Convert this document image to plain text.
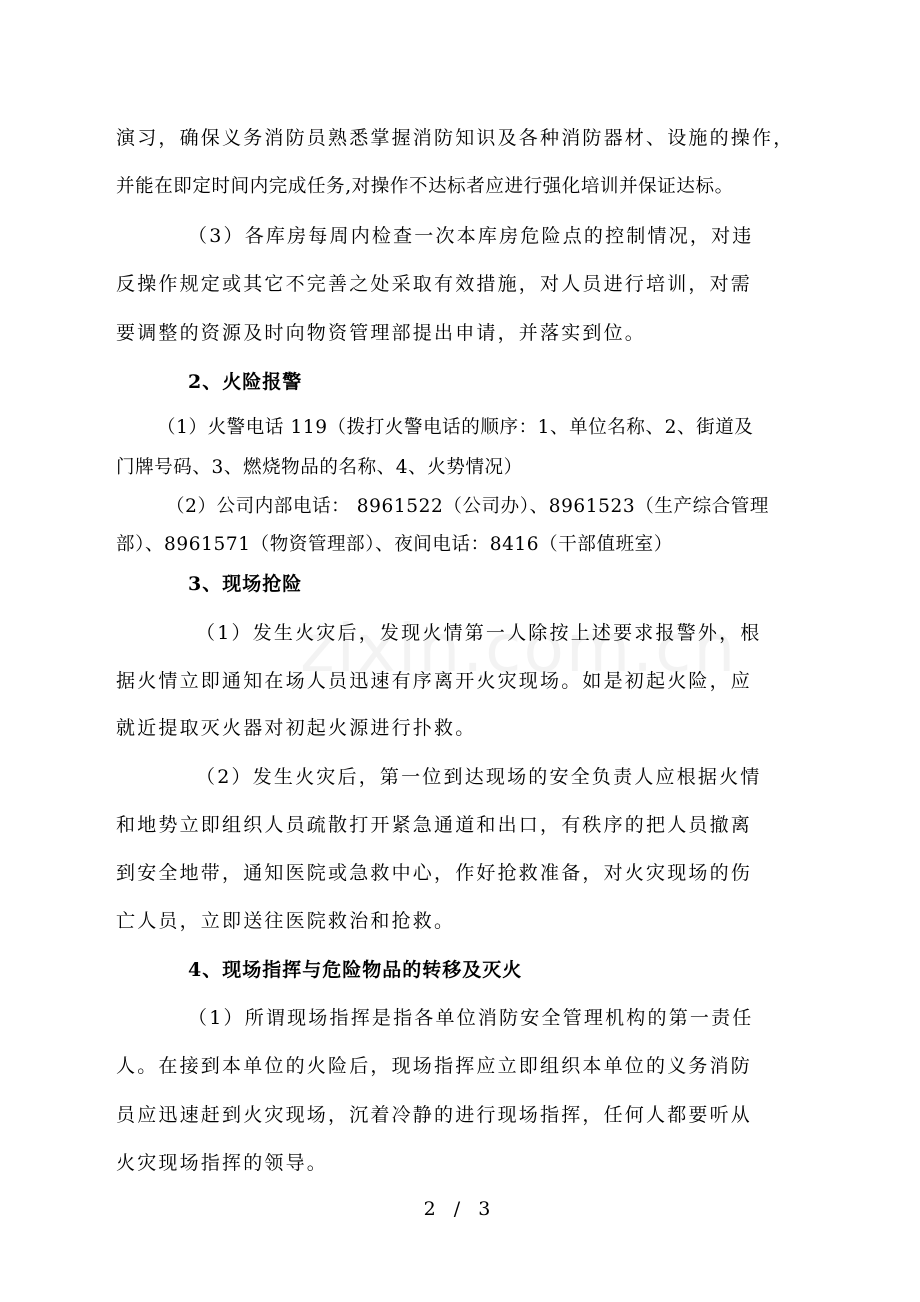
演习，确保义务消防员熟悉掌握消防知识及各种消防器材、设施的操作，
并能在即定时间内完成任务,对操作不达标者应进行强化培训并保证达标。
（3）各库房每周内检查一次本库房危险点的控制情况，对违
反操作规定或其它不完善之处采取有效措施，对人员进行培训，对需
要调整的资源及时向物资管理部提出申请，并落实到位。
2、火险报警
（1）火警电话 119（拨打火警电话的顺序：1、单位名称、2、街道及
门牌号码、3、燃烧物品的名称、4、火势情况）
（2）公司内部电话： 8961522（公司办）、8961523（生产综合管理
部）、8961571（物资管理部）、夜间电话：8416（干部值班室）
3、现场抢险
（1）发生火灾后，发现火情第一人除按上述要求报警外，根
据火情立即通知在场人员迅速有序离开火灾现场。如是初起火险，应
就近提取灭火器对初起火源进行扑救。
（2）发生火灾后，第一位到达现场的安全负责人应根据火情
和地势立即组织人员疏散打开紧急通道和出口，有秩序的把人员撤离
到安全地带，通知医院或急救中心，作好抢救准备，对火灾现场的伤
亡人员，立即送往医院救治和抢救。
4、现场指挥与危险物品的转移及灭火
（1）所谓现场指挥是指各单位消防安全管理机构的第一责任
人。在接到本单位的火险后，现场指挥应立即组织本单位的义务消防
员应迅速赶到火灾现场，沉着冷静的进行现场指挥，任何人都要听从
火灾现场指挥的领导。
2 / 3
